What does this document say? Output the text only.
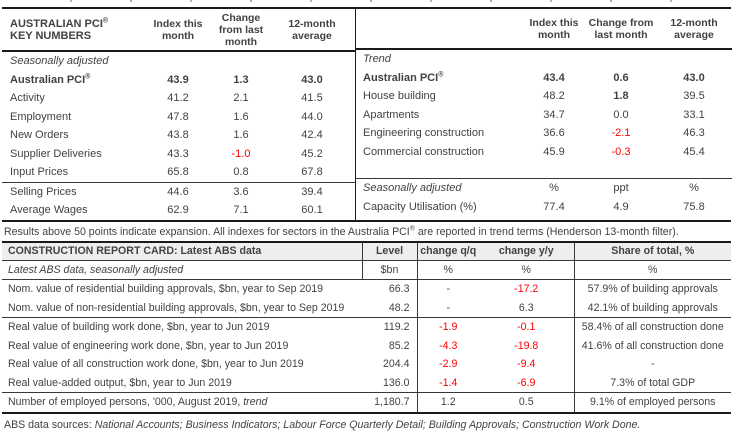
AUSTRALIAN PCI®
KEY NUMBERS	Index this month	Change from last month	12-month average
Seasonally adjusted			
Australian PCI®	43.9	1.3	43.0
Activity	41.2	2.1	41.5
Employment	47.8	1.6	44.0
New Orders	43.8	1.6	42.4
Supplier Deliveries	43.3	-1.0	45.2
Input Prices	65.8	0.8	67.8
Selling Prices	44.6	3.6	39.4
Average Wages	62.9	7.1	60.1
	Index this month	Change from last month	12-month average
Trend			
Australian PCI®	43.4	0.6	43.0
House building	48.2	1.8	39.5
Apartments	34.7	0.0	33.1
Engineering construction	36.6	-2.1	46.3
Commercial construction	45.9	-0.3	45.4

Seasonally adjusted	%	ppt	%
Capacity Utilisation (%)	77.4	4.9	75.8
Results above 50 points indicate expansion. All indexes for sectors in the Australia PCI® are reported in trend terms (Henderson 13-month filter).
CONSTRUCTION REPORT CARD: Latest ABS data	Level	change q/q	change y/y	Share of total, %
Latest ABS data, seasonally adjusted	$bn	%	%	%
Nom. value of residential building approvals, $bn, year to Sep 2019	66.3	-	-17.2	57.9% of building approvals
Nom. value of non-residential building approvals, $bn, year to Sep 2019	48.2	-	6.3	42.1% of building approvals
Real value of building work done, $bn, year to Jun 2019	119.2	-1.9	-0.1	58.4% of all construction done
Real value of engineering work done, $bn, year to Jun 2019	85.2	-4.3	-19.8	41.6% of all construction done
Real value of all construction work done, $bn, year to Jun 2019	204.4	-2.9	-9.4	-
Real value-added output, $bn, year to Jun 2019	136.0	-1.4	-6.9	7.3% of total GDP
Number of employed persons, '000, August 2019, trend	1,180.7	1.2	0.5	9.1% of employed persons
ABS data sources: National Accounts; Business Indicators; Labour Force Quarterly Detail; Building Approvals; Construction Work Done.
